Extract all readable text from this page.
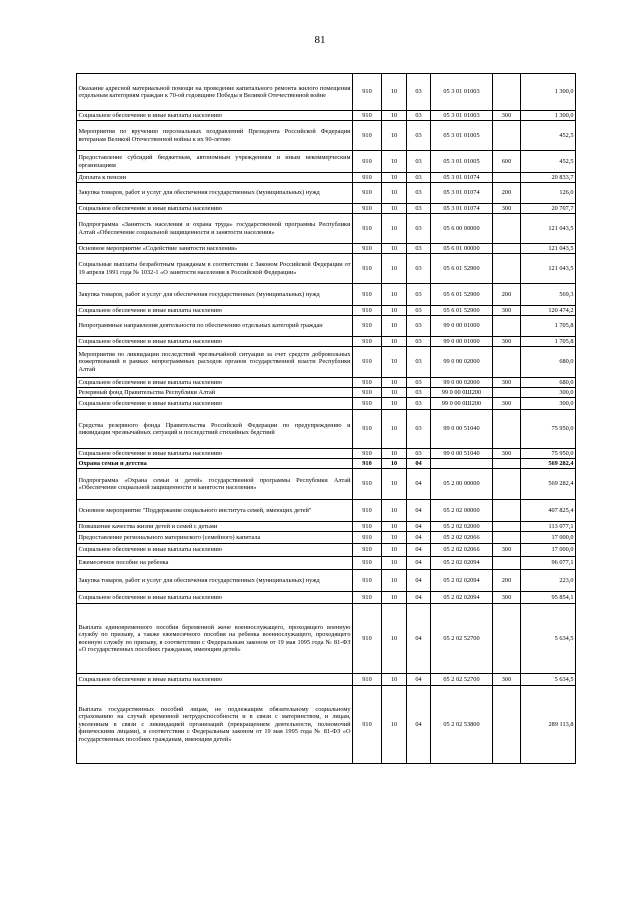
81
Оказание адресной материальной помощи на проведение капитального ремонта жилого помещения отдельным категориям граждан к 70-ой годовщине Победы в Великой Отечественной войне	910	10	03	05 3 01 01003		1 300,0
Социальное обеспечение и иные выплаты населению	910	10	03	05 3 01 01003	300	1 300,0
Мероприятия по вручению персональных поздравлений Президента Российской Федерации ветеранам Великой Отечественной войны к их 90-летию	910	10	03	05 3 01 01005		452,5
Предоставление субсидий бюджетным, автономным учреждениям и иным некоммерческим организациям	910	10	03	05 3 01 01005	600	452,5
Доплата к пенсии	910	10	03	05 3 01 01074		20 833,7
Закупка товаров, работ и услуг для обеспечения государственных (муниципальных) нужд	910	10	03	05 3 01 01074	200	126,0
Социальное обеспечение и иные выплаты населению	910	10	03	05 3 01 01074	300	20 707,7
Подпрограмма «Занятость населения и охрана труда» государственной программы Республики Алтай «Обеспечение социальной защищенности и занятости населения»	910	10	03	05 6 00 00000		121 043,5
Основное мероприятие «Содействие занятости населения»	910	10	03	05 6 01 00000		121 043,5
Социальные выплаты безработным гражданам в соответствии с Законом Российской Федерации от 19 апреля 1991 года № 1032-1 «О занятости населения в Российской Федерации»	910	10	03	05 6 01 52900		121 043,5
Закупка товаров, работ и услуг для обеспечения государственных (муниципальных) нужд	910	10	03	05 6 01 52900	200	569,3
Социальное обеспечение и иные выплаты населению	910	10	03	05 6 01 52900	300	120 474,2
Непрограммные направления деятельности по обеспечению отдельных категорий граждан	910	10	03	99 0 00 01000		1 705,8
Социальное обеспечение и иные выплаты населению	910	10	03	99 0 00 01000	300	1 705,8
Мероприятия по ликвидации последствий чрезвычайной ситуации за счет средств добровольных пожертвований в рамках непрограммных расходов органов государственной власти Республики Алтай	910	10	03	99 0 00 02000		680,0
Социальное обеспечение и иные выплаты населению	910	10	03	99 0 00 02000	300	680,0
Резервный фонд Правительства Республики Алтай	910	10	03	99 0 00 0Ш200		300,0
Социальное обеспечение и иные выплаты населению	910	10	03	99 0 00 0Ш200	300	300,0
Средства резервного фонда Правительства Российской Федерации по предупреждению и ликвидации чрезвычайных ситуаций и последствий стихийных бедствий	910	10	03	99 0 00 51040		75 950,0
Социальное обеспечение и иные выплаты населению	910	10	03	99 0 00 51040	300	75 950,0
Охрана семьи и детства	910	10	04			569 282,4
Подпрограмма «Охрана семьи и детей» государственной программы Республики Алтай «Обеспечение социальной защищенности и занятости населения»	910	10	04	05 2 00 00000		569 282,4
Основное мероприятие "Поддержание социального института семей, имеющих детей"	910	10	04	05 2 02 00000		407 825,4
Повышение качества жизни детей и семей с детьми	910	10	04	05 2 02 02000		113 077,1
Предоставление регионального материнского (семейного) капитала	910	10	04	05 2 02 02066		17 000,0
Социальное обеспечение и иные выплаты населению	910	10	04	05 2 02 02066	300	17 000,0
Ежемесячное пособие на ребенка	910	10	04	05 2 02 02094		96 077,1
Закупка товаров, работ и услуг для обеспечения государственных (муниципальных) нужд	910	10	04	05 2 02 02094	200	223,0
Социальное обеспечение и иные выплаты населению	910	10	04	05 2 02 02094	300	95 854,1
Выплата единовременного пособия беременной жене военнослужащего, проходящего военную службу по призыву, а также ежемесячного пособия на ребенка военнослужащего, проходящего военную службу по призыву, в соответствии с Федеральным законом от 19 мая 1995 года № 81-ФЗ «О государственных пособиях гражданам, имеющим детей»	910	10	04	05 2 02 52700		5 634,5
Социальное обеспечение и иные выплаты населению	910	10	04	05 2 02 52700	300	5 634,5
Выплата государственных пособий лицам, не подлежащим обязательному социальному страхованию на случай временной нетрудоспособности и в связи с материнством, и лицам, уволенным в связи с ликвидацией организаций (прекращением деятельности, полномочий физическими лицами), в соответствии с Федеральным законом от 19 мая 1995 года № 81-ФЗ «О государственных пособиях гражданам, имеющим детей»	910	10	04	05 2 02 53800		289 113,8
